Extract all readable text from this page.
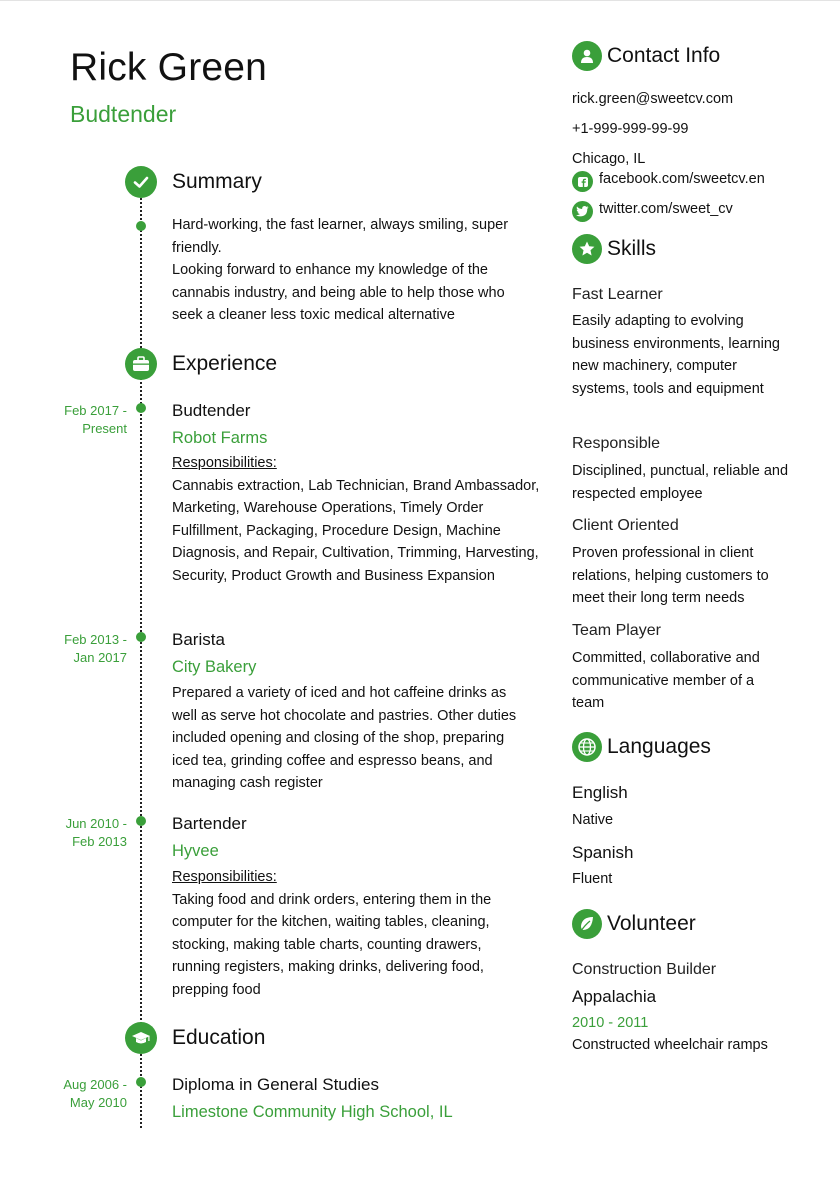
Rick Green
Budtender
Summary
Hard-working, the fast learner, always smiling, super friendly.
Looking forward to enhance my knowledge of the cannabis industry, and being able to help those who seek a cleaner less toxic medical alternative
Experience
Feb 2017 -
Present
Budtender
Robot Farms
Responsibilities:
Cannabis extraction, Lab Technician, Brand Ambassador, Marketing, Warehouse Operations, Timely Order Fulfillment, Packaging, Procedure Design, Machine Diagnosis, and Repair, Cultivation, Trimming, Harvesting, Security, Product Growth and Business Expansion
Feb 2013 -
Jan 2017
Barista
City Bakery
Prepared a variety of iced and hot caffeine drinks as well as serve hot chocolate and pastries. Other duties included opening and closing of the shop, preparing iced tea, grinding coffee and espresso beans, and managing cash register
Jun 2010 -
Feb 2013
Bartender
Hyvee
Responsibilities:
Taking food and drink orders, entering them in the computer for the kitchen, waiting tables, cleaning, stocking, making table charts, counting drawers, running registers, making drinks, delivering food, prepping food
Education
Aug 2006 -
May 2010
Diploma in General Studies
Limestone Community High School, IL
Contact Info
rick.green@sweetcv.com
+1-999-999-99-99
Chicago, IL
facebook.com/sweetcv.en
twitter.com/sweet_cv
Skills
Fast Learner
Easily adapting to evolving business environments, learning new machinery, computer systems, tools and equipment
Responsible
Disciplined, punctual, reliable and respected employee
Client Oriented
Proven professional in client relations, helping customers to meet their long term needs
Team Player
Committed, collaborative and communicative member of a team
Languages
English
Native
Spanish
Fluent
Volunteer
Construction Builder
Appalachia
2010 - 2011
Constructed wheelchair ramps
